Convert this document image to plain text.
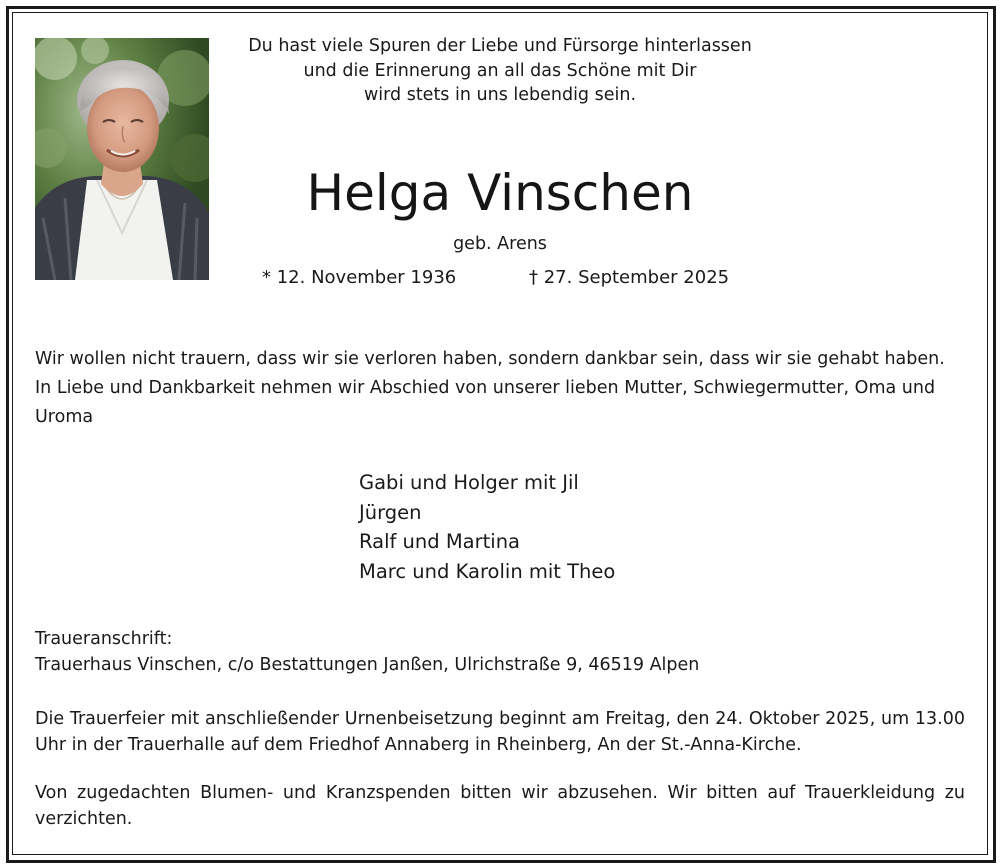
Du hast viele Spuren der Liebe und Fürsorge hinterlassen
und die Erinnerung an all das Schöne mit Dir
wird stets in uns lebendig sein.
Helga Vinschen
geb. Arens
* 12. November 1936	† 27. September 2025
Wir wollen nicht trauern, dass wir sie verloren haben, sondern dankbar sein, dass wir sie gehabt haben. In Liebe und Dankbarkeit nehmen wir Abschied von unserer lieben Mutter, Schwiegermutter, Oma und Uroma
Gabi und Holger mit Jil
Jürgen
Ralf und Martina
Marc und Karolin mit Theo
Traueranschrift:
Trauerhaus Vinschen, c/o Bestattungen Janßen, Ulrichstraße 9, 46519 Alpen
Die Trauerfeier mit anschließender Urnenbeisetzung beginnt am Freitag, den 24. Oktober 2025, um 13.00 Uhr in der Trauerhalle auf dem Friedhof Annaberg in Rheinberg, An der St.-Anna-Kirche.
Von zugedachten Blumen- und Kranzspenden bitten wir abzusehen. Wir bitten auf Trauerkleidung zu verzichten.
